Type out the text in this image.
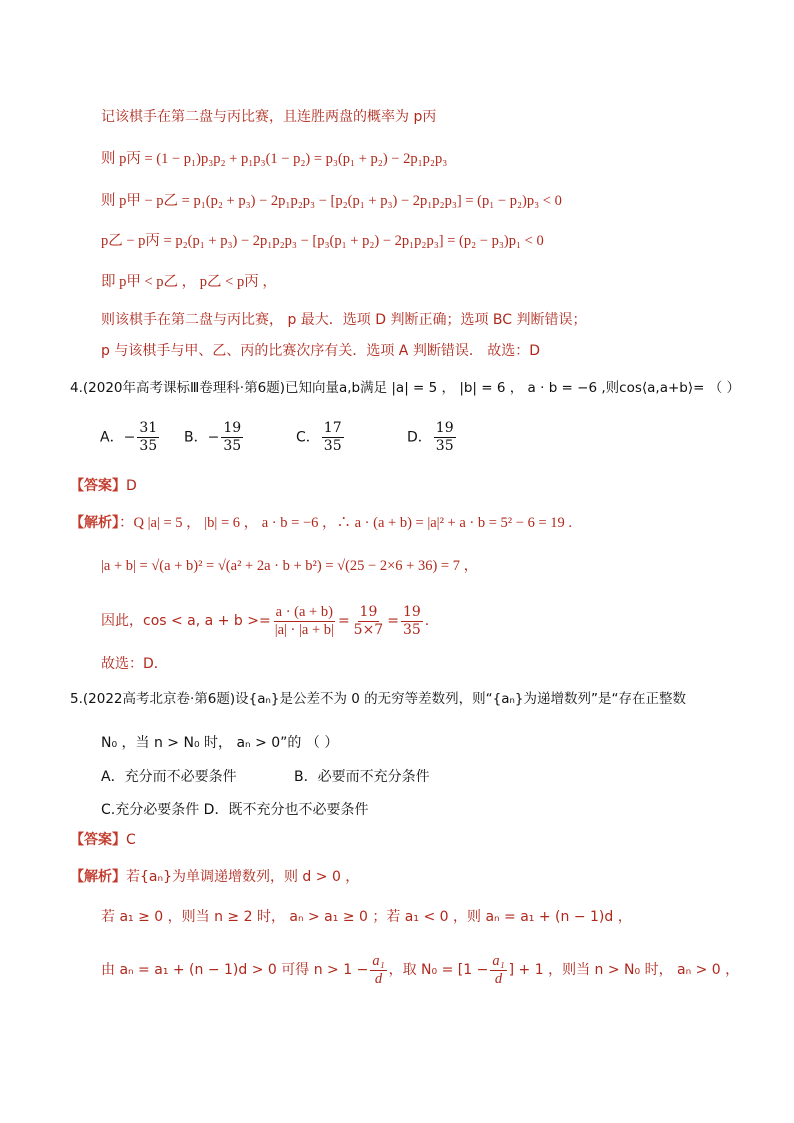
记该棋手在第二盘与丙比赛，且连胜两盘的概率为 p丙
则 p丙 = (1 − p₁)p₃p₂ + p₁p₃(1 − p₂) = p₃(p₁ + p₂) − 2p₁p₂p₃
则 p甲 − p乙 = p₁(p₂ + p₃) − 2p₁p₂p₃ − [p₂(p₁ + p₃) − 2p₁p₂p₃] = (p₁ − p₂)p₃ < 0
p乙 − p丙 = p₂(p₁ + p₃) − 2p₁p₂p₃ − [p₃(p₁ + p₂) − 2p₁p₂p₃] = (p₂ − p₃)p₁ < 0
即 p甲 < p乙 ， p乙 < p丙 ，
则该棋手在第二盘与丙比赛， p 最大．选项 D 判断正确；选项 BC 判断错误；
p 与该棋手与甲、乙、丙的比赛次序有关．选项 A 判断错误． 故选：D
4.(2020年高考课标Ⅲ卷理科·第6题)已知向量a,b满足 |a| = 5 ， |b| = 6 ， a · b = −6 ,则cos⟨a,a+b⟩= （ ）
A．− $\frac{31}{35}$ B．− $\frac{19}{35}$	C． $\frac{17}{35}$	D． $\frac{19}{35}$
【答案】D
【解析】：Q |a| = 5 ， |b| = 6 ， a · b = −6 ，∴ a · (a + b) = |a|² + a · b = 5² − 6 = 19 .
|a + b| = √(a + b)² = √(a² + 2a · b + b²) = √(25 − 2×6 + 36) = 7 ，
因此，cos < a, $a + b >= \frac{a \cdot (a + b)}{|a| \cdot |a + b|} = \frac{19}{5\times 7} = \frac{19}{35}$ .
故选：D．
5.(2022高考北京卷·第6题)设{aₙ}是公差不为 0 的无穷等差数列，则“{aₙ}为递增数列”是“存在正整数
N₀ ，当 n > N₀ 时， aₙ > 0”的 （ ）
A．充分而不必要条件	B．必要而不充分条件
C.充分必要条件 D．既不充分也不必要条件
【答案】C
【解析】若{aₙ}为单调递增数列，则 d > 0 ，
若 a₁ ≥ 0 ，则当 n ≥ 2 时， aₙ > a₁ ≥ 0 ；若 a₁ < 0 ，则 aₙ = a₁ + (n − 1)d ，
由 aₙ = a₁ + (n − 1)d > 0 可得 $n > 1 - \frac{\text{a₁}}{d}$ ，取 $N_0 = [1 - \frac{\text{a₁}}{d}$ ] + 1 ，则当 n > N₀ 时， aₙ > 0 ，
